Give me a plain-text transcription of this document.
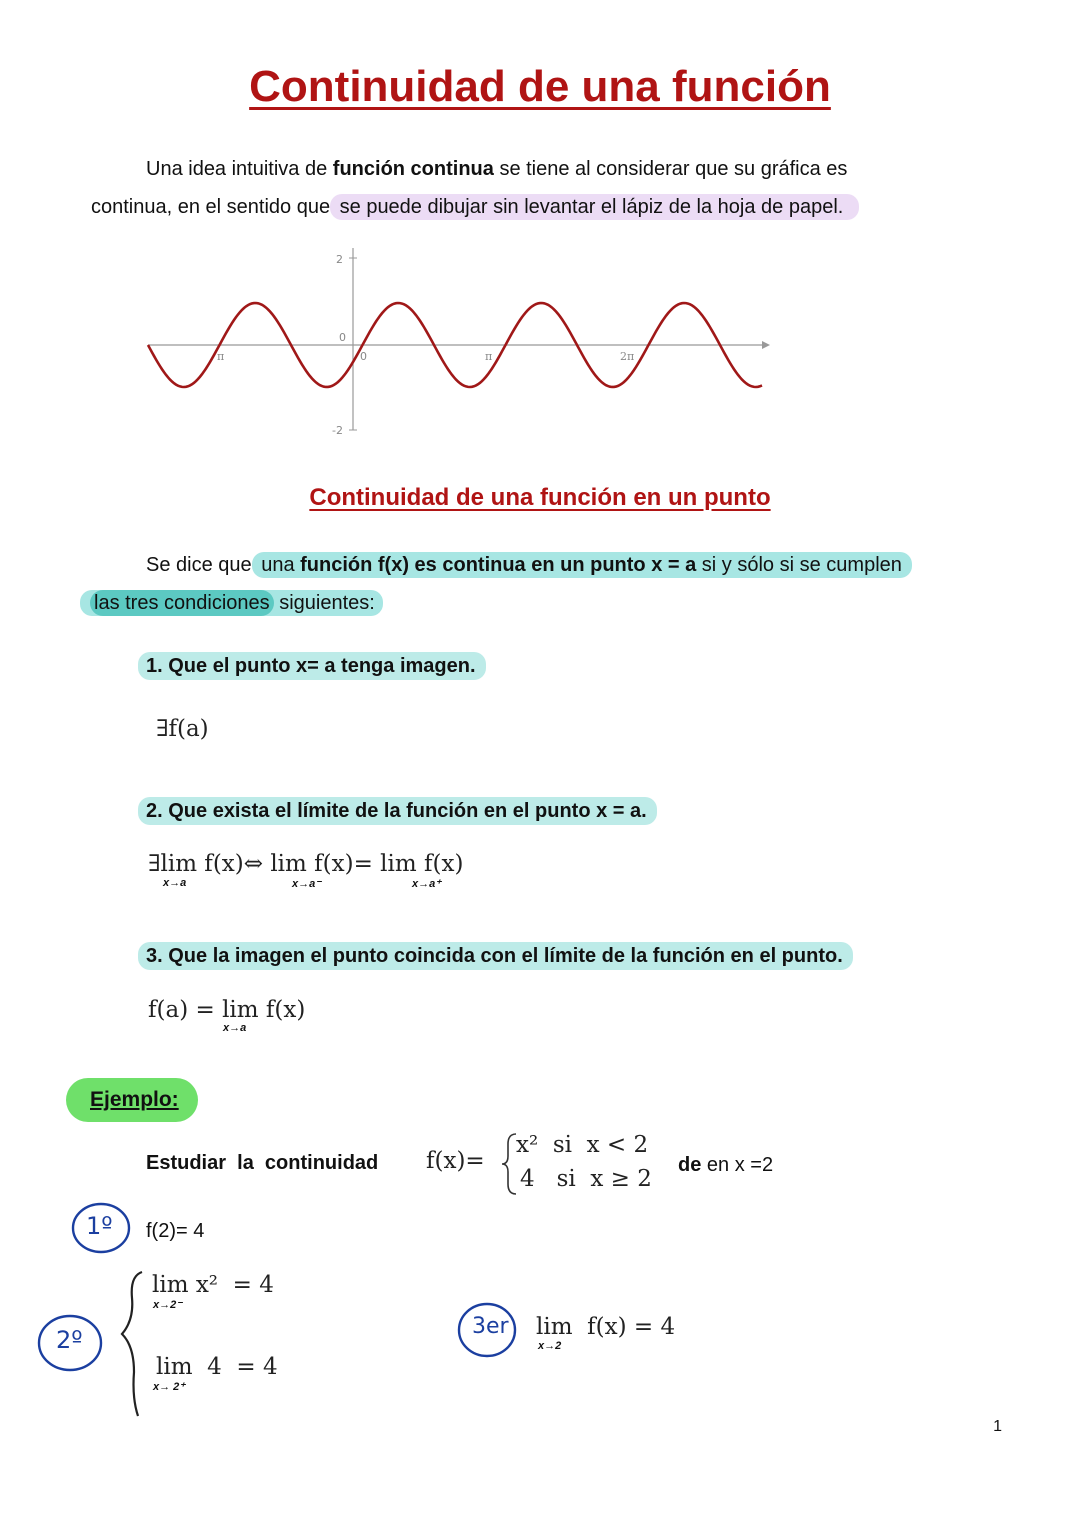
Continuidad de una función
Una idea intuitiva de función continua se tiene al considerar que su gráfica es
continua, en el sentido que se puede dibujar sin levantar el lápiz de la hoja de papel.
2
0
-2
0
π	π	2π
Continuidad de una función en un punto
Se dice que una función f(x) es continua en un punto x = a si y sólo si se cumplen
las tres condiciones siguientes:
1. Que el punto x= a tenga imagen.
∃f(a)
2. Que exista el límite de la función en el punto x = a.
∃lim f(x)⇔ lim f(x)= lim f(x)
x→a	x→a⁻	x→a⁺
3. Que la imagen el punto coincida con el límite de la función en el punto.
f(a) = lim f(x)
x→a
Ejemplo:
Estudiar  la  continuidad f(x)=
x²  si  x < 2
4   si  x ≥ 2
de en x =2
1º f(2)= 4
2º
lim x²  = 4
x→2⁻
lim  4  = 4
x→ 2⁺
3er lim  f(x) = 4
x→2
1
